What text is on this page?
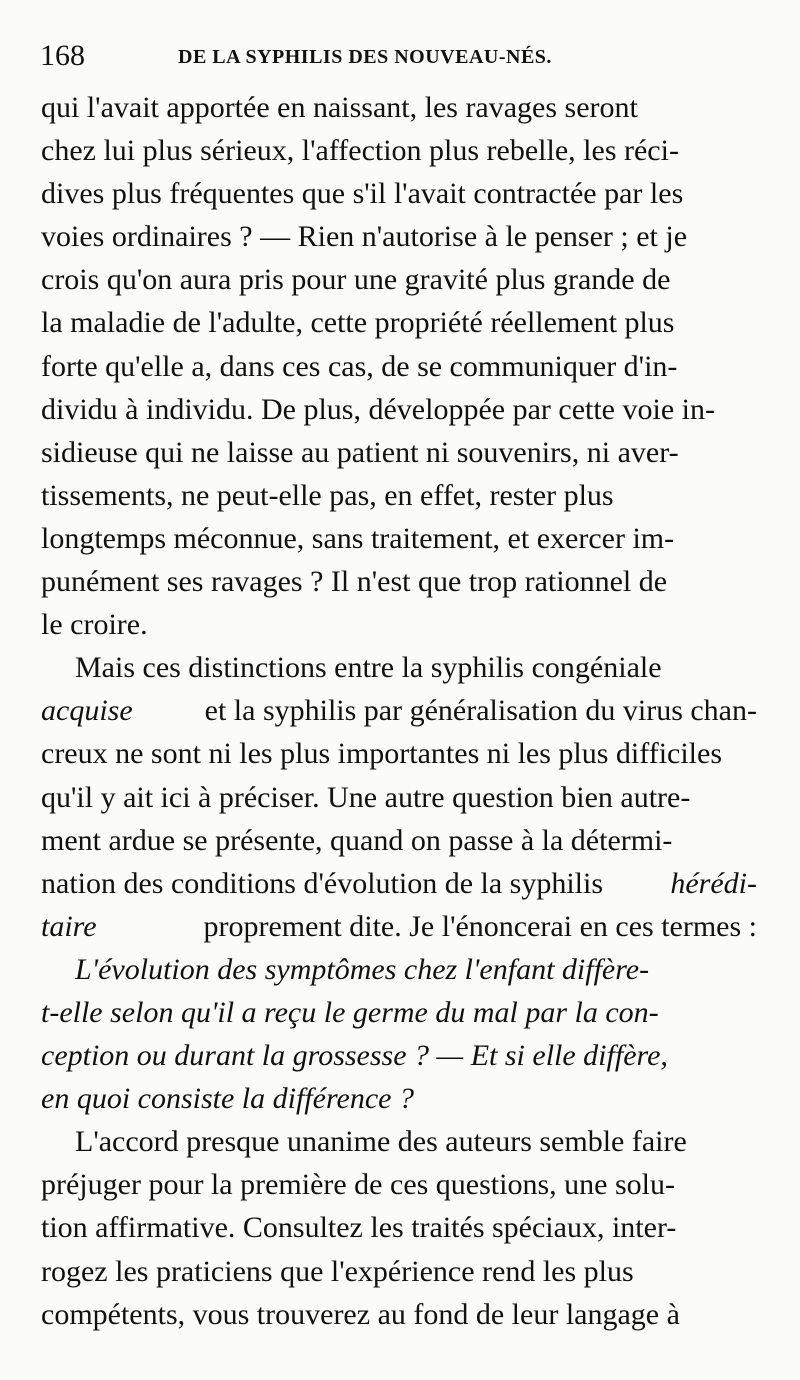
168	DE LA SYPHILIS DES NOUVEAU-NÉS.
qui l'avait apportée en naissant, les ravages seront
chez lui plus sérieux, l'affection plus rebelle, les réci-
dives plus fréquentes que s'il l'avait contractée par les
voies ordinaires ? — Rien n'autorise à le penser ; et je
crois qu'on aura pris pour une gravité plus grande de
la maladie de l'adulte, cette propriété réellement plus
forte qu'elle a, dans ces cas, de se communiquer d'in-
dividu à individu. De plus, développée par cette voie in-
sidieuse qui ne laisse au patient ni souvenirs, ni aver-
tissements, ne peut-elle pas, en effet, rester plus
longtemps méconnue, sans traitement, et exercer im-
punément ses ravages ? Il n'est que trop rationnel de
le croire.
Mais ces distinctions entre la syphilis congéniale
acquise et la syphilis par généralisation du virus chan-
creux ne sont ni les plus importantes ni les plus difficiles
qu'il y ait ici à préciser. Une autre question bien autre-
ment ardue se présente, quand on passe à la détermi-
nation des conditions d'évolution de la syphilis hérédi-
taire	proprement dite. Je l'énoncerai en ces termes :
L'évolution des symptômes chez l'enfant diffère-
t-elle selon qu'il a reçu le germe du mal par la con-
ception ou durant la grossesse ? — Et si elle diffère,
en quoi consiste la différence ?
L'accord presque unanime des auteurs semble faire
préjuger pour la première de ces questions, une solu-
tion affirmative. Consultez les traités spéciaux, inter-
rogez les praticiens que l'expérience rend les plus
compétents, vous trouverez au fond de leur langage à
